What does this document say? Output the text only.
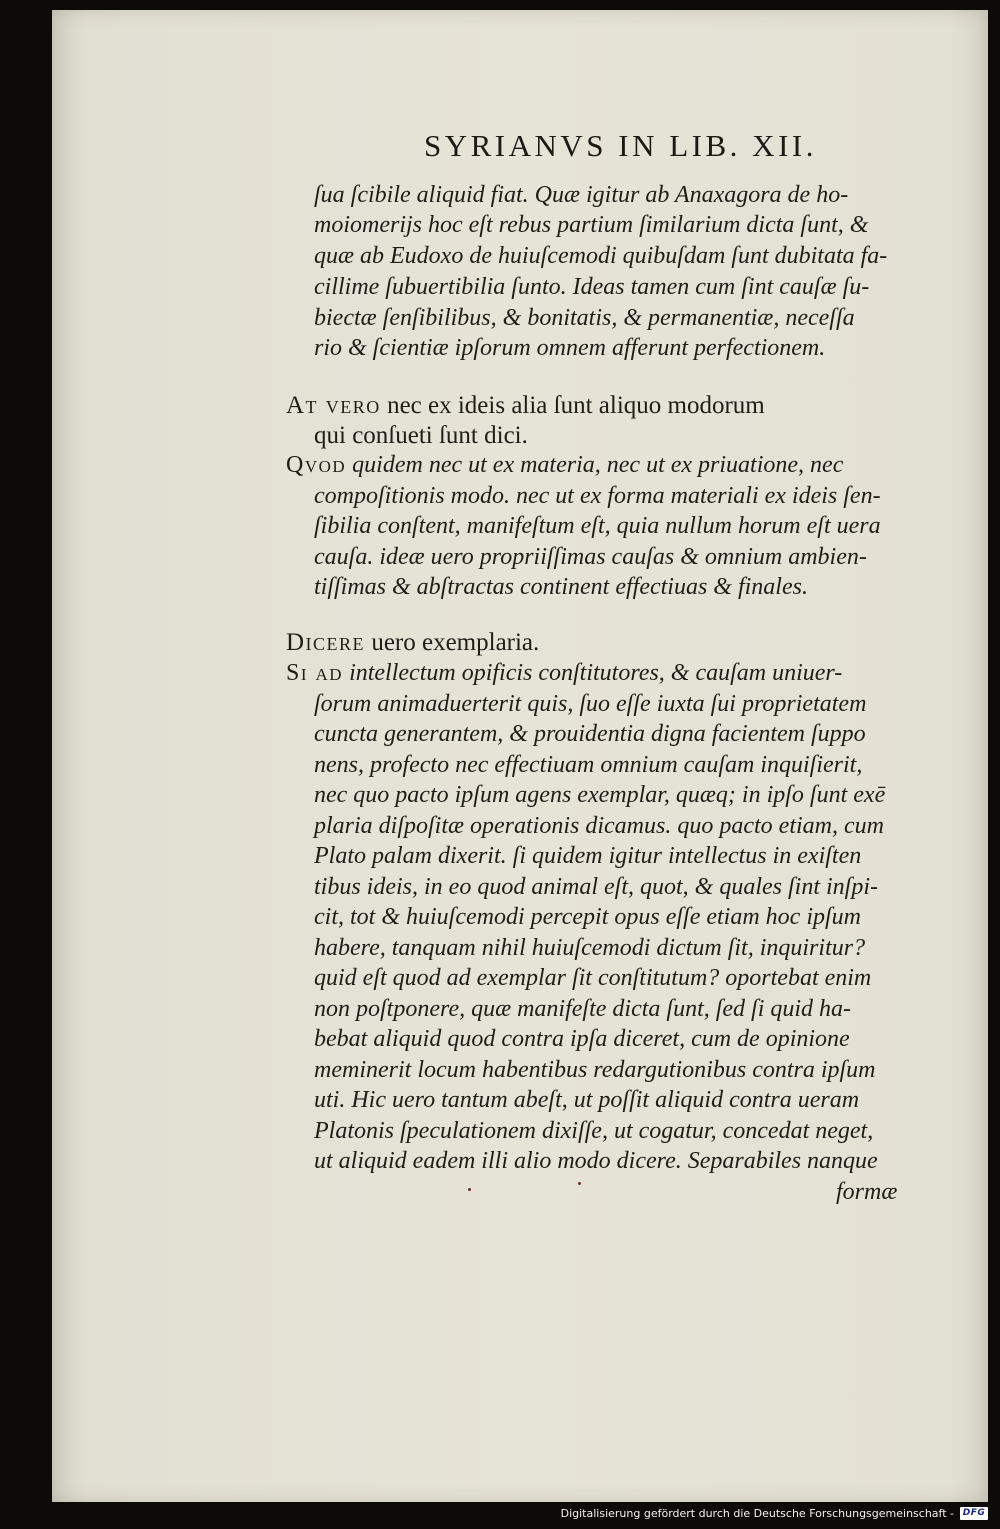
SYRIANVS IN LIB. XII.
ſua ſcibile aliquid fiat. Quæ igitur ab Anaxagora de ho-
moiomerijs hoc eſt rebus partium ſimilarium dicta ſunt, &
quæ ab Eudoxo de huiuſcemodi quibuſdam ſunt dubitata fa-
cillime ſubuertibilia ſunto. Ideas tamen cum ſint cauſæ ſu-
biectæ ſenſibilibus, & bonitatis, & permanentiæ, neceſſa
rio & ſcientiæ ipſorum omnem afferunt perfectionem.
At vero nec ex ideis alia ſunt aliquo modorum
qui conſueti ſunt dici.
Qvod quidem nec ut ex materia, nec ut ex priuatione, nec
compoſitionis modo. nec ut ex forma materiali ex ideis ſen-
ſibilia conſtent, manifeſtum eſt, quia nullum horum eſt uera
cauſa. ideæ uero propriiſſimas cauſas & omnium ambien-
tiſſimas & abſtractas continent effectiuas & finales.
Dicere uero exemplaria.
Si ad intellectum opificis conſtitutores, & cauſam uniuer-
ſorum animaduerterit quis, ſuo eſſe iuxta ſui proprietatem
cuncta generantem, & prouidentia digna facientem ſuppo
nens, profecto nec effectiuam omnium cauſam inquiſierit,
nec quo pacto ipſum agens exemplar, quæq; in ipſo ſunt exē
plaria diſpoſitæ operationis dicamus. quo pacto etiam, cum
Plato palam dixerit. ſi quidem igitur intellectus in exiſten
tibus ideis, in eo quod animal eſt, quot, & quales ſint inſpi-
cit, tot & huiuſcemodi percepit opus eſſe etiam hoc ipſum
habere, tanquam nihil huiuſcemodi dictum ſit, inquiritur?
quid eſt quod ad exemplar ſit conſtitutum? oportebat enim
non poſtponere, quæ manifeſte dicta ſunt, ſed ſi quid ha-
bebat aliquid quod contra ipſa diceret, cum de opinione
meminerit locum habentibus redargutionibus contra ipſum
uti. Hic uero tantum abeſt, ut poſſit aliquid contra ueram
Platonis ſpeculationem dixiſſe, ut cogatur, concedat neget,
ut aliquid eadem illi alio modo dicere. Separabiles nanque
formæ
Digitalisierung gefördert durch die Deutsche Forschungsgemeinschaft - DFG
